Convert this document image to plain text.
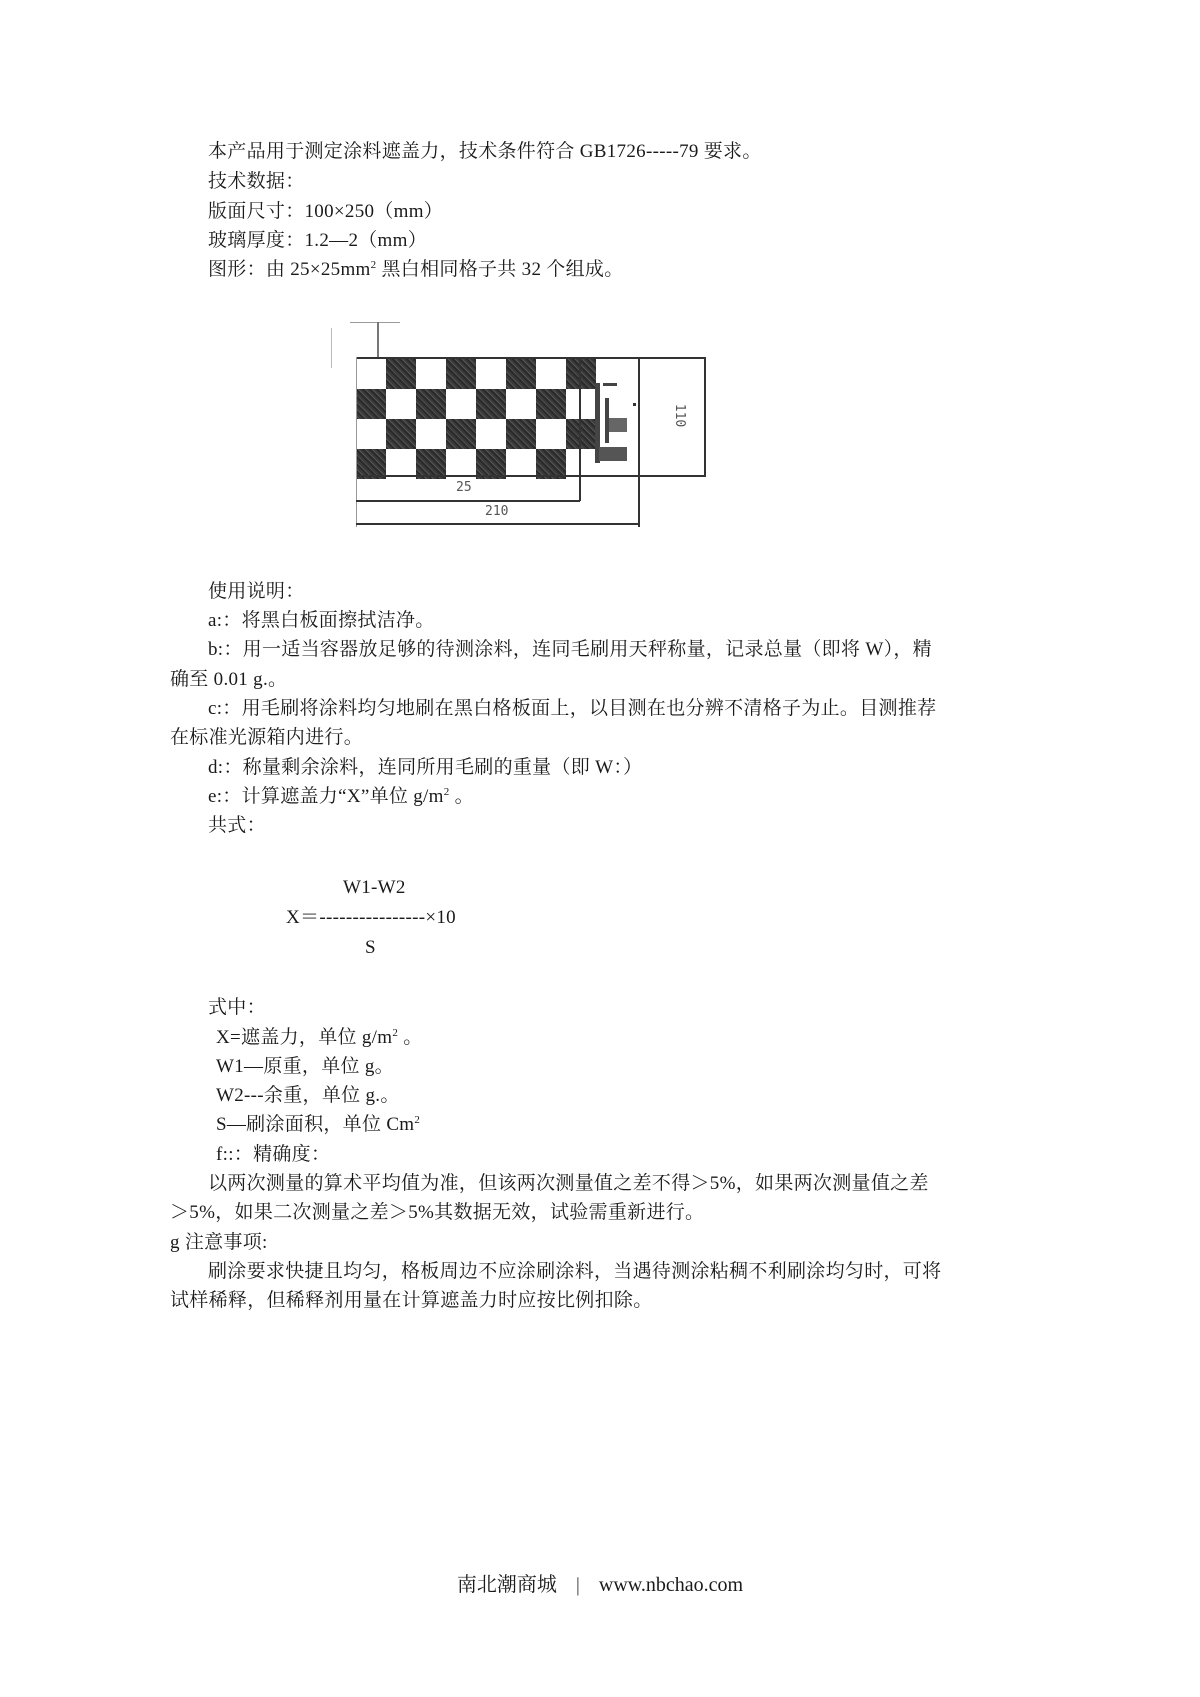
本产品用于测定涂料遮盖力，技术条件符合 GB1726-----79 要求。
技术数据：
版面尺寸：100×250（mm）
玻璃厚度：1.2—2（mm）
图形：由 $25\times 25mm^2$ 黑白相同格子共 32 个组成。
25
210
110
使用说明：
a:：将黑白板面擦拭洁净。
b:：用一适当容器放足够的待测涂料，连同毛刷用天秤称量，记录总量（即将 W），精
确至 0.01 g.。
c:：用毛刷将涂料均匀地刷在黑白格板面上，以目测在也分辨不清格子为止。目测推荐
在标准光源箱内进行。
d:：称量剩余涂料，连同所用毛刷的重量（即 W：）
e:：计算遮盖力“X”单位 $g/m^2$ 。
共式：
W1-W2
X＝----------------×10
S
式中：
X=遮盖力，单位 $g/m^2$ 。
W1—原重，单位 g。
W2---余重，单位 g.。
S—刷涂面积，单位 Cm$^2$
f::：精确度：
以两次测量的算术平均值为准，但该两次测量值之差不得＞5%，如果两次测量值之差
＞5%，如果二次测量之差＞5%其数据无效，试验需重新进行。
g 注意事项:
刷涂要求快捷且均匀，格板周边不应涂刷涂料，当遇待测涂粘稠不利刷涂均匀时，可将
试样稀释，但稀释剂用量在计算遮盖力时应按比例扣除。
南北潮商城 | www.nbchao.com
